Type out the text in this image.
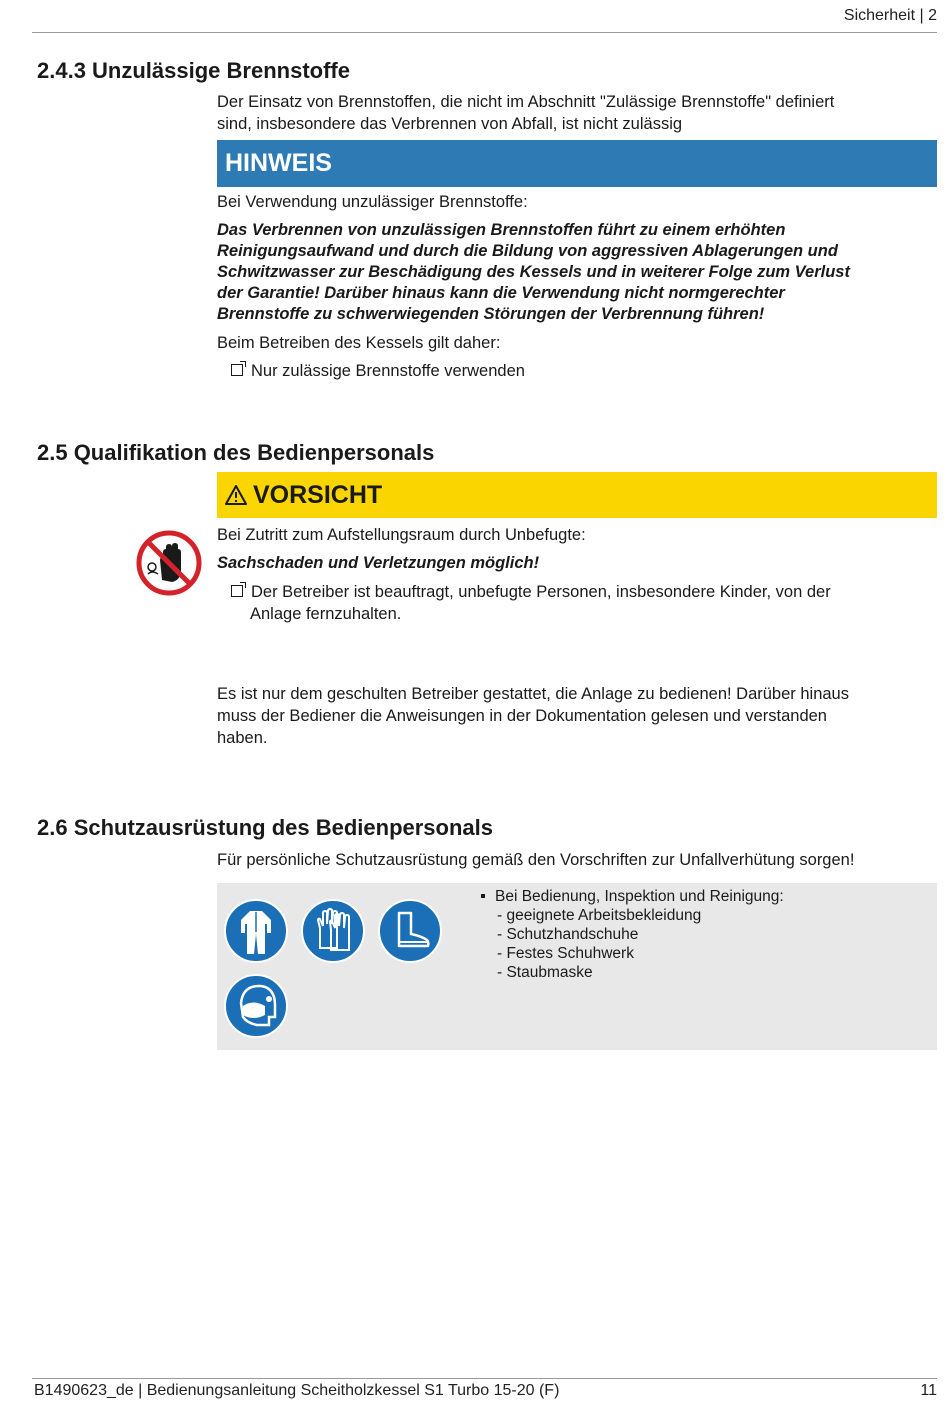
Sicherheit | 2
2.4.3 Unzulässige Brennstoffe
Der Einsatz von Brennstoffen, die nicht im Abschnitt "Zulässige Brennstoffe" definiert
sind, insbesondere das Verbrennen von Abfall, ist nicht zulässig
HINWEIS
Bei Verwendung unzulässiger Brennstoffe:
Das Verbrennen von unzulässigen Brennstoffen führt zu einem erhöhten
Reinigungsaufwand und durch die Bildung von aggressiven Ablagerungen und
Schwitzwasser zur Beschädigung des Kessels und in weiterer Folge zum Verlust
der Garantie! Darüber hinaus kann die Verwendung nicht normgerechter
Brennstoffe zu schwerwiegenden Störungen der Verbrennung führen!
Beim Betreiben des Kessels gilt daher:
Nur zulässige Brennstoffe verwenden
2.5 Qualifikation des Bedienpersonals
VORSICHT
Bei Zutritt zum Aufstellungsraum durch Unbefugte:
Sachschaden und Verletzungen möglich!
Der Betreiber ist beauftragt, unbefugte Personen, insbesondere Kinder, von der
Anlage fernzuhalten.
Es ist nur dem geschulten Betreiber gestattet, die Anlage zu bedienen! Darüber hinaus
muss der Bediener die Anweisungen in der Dokumentation gelesen und verstanden
haben.
2.6 Schutzausrüstung des Bedienpersonals
Für persönliche Schutzausrüstung gemäß den Vorschriften zur Unfallverhütung sorgen!
Bei Bedienung, Inspektion und Reinigung:
- geeignete Arbeitsbekleidung
- Schutzhandschuhe
- Festes Schuhwerk
- Staubmaske
B1490623_de | Bedienungsanleitung Scheitholzkessel S1 Turbo 15-20 (F)	11
